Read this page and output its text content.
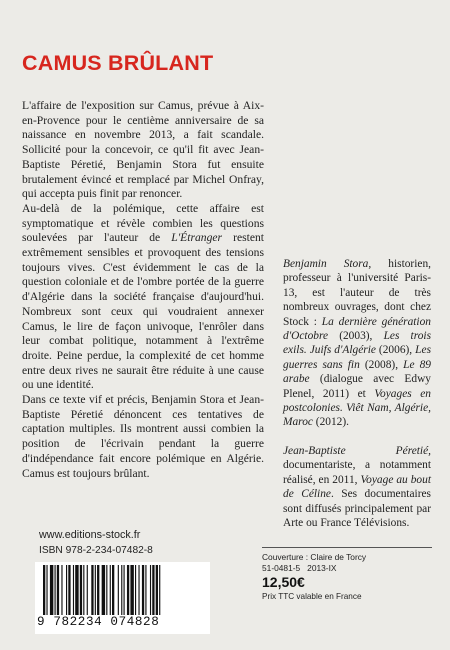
CAMUS BRÛLANT

L'affaire de l'exposition sur Camus, prévue à Aix-en-Provence pour le centième anniversaire de sa naissance en novembre 2013, a fait scandale. Sollicité pour la concevoir, ce qu'il fit avec Jean-Baptiste Péretié, Benjamin Stora fut ensuite brutalement évincé et remplacé par Michel Onfray, qui accepta puis finit par renoncer.

Au-delà de la polémique, cette affaire est symptomatique et révèle combien les questions soulevées par l'auteur de L'Étranger restent extrêmement sensibles et provoquent des tensions toujours vives. C'est évidemment le cas de la question coloniale et de l'ombre portée de la guerre d'Algérie dans la société française d'aujourd'hui. Nombreux sont ceux qui voudraient annexer Camus, le lire de façon univoque, l'enrôler dans leur combat politique, notamment à l'extrême droite. Peine perdue, la complexité de cet homme entre deux rives ne saurait être réduite à une cause ou une identité.

Dans ce texte vif et précis, Benjamin Stora et Jean-Baptiste Péretié dénoncent ces tentatives de captation multiples. Ils montrent aussi combien la position de l'écrivain pendant la guerre d'indépendance fait encore polémique en Algérie. Camus est toujours brûlant.

Benjamin Stora, historien, professeur à l'université Paris-13, est l'auteur de très nombreux ouvrages, dont chez Stock : La dernière génération d'Octobre (2003), Les trois exils. Juifs d'Algérie (2006), Les guerres sans fin (2008), Le 89 arabe (dialogue avec Edwy Plenel, 2011) et Voyages en postcolonies. Viêt Nam, Algérie, Maroc (2012).

Jean-Baptiste Péretié, documentariste, a notamment réalisé, en 2011, Voyage au bout de Céline. Ses documentaires sont diffusés principalement par Arte ou France Télévisions.

www.editions-stock.fr
ISBN 978-2-234-07482-8
9 782234 074828
Couverture : Claire de Torcy
51-0481-5   2013-IX
12,50€
Prix TTC valable en France
